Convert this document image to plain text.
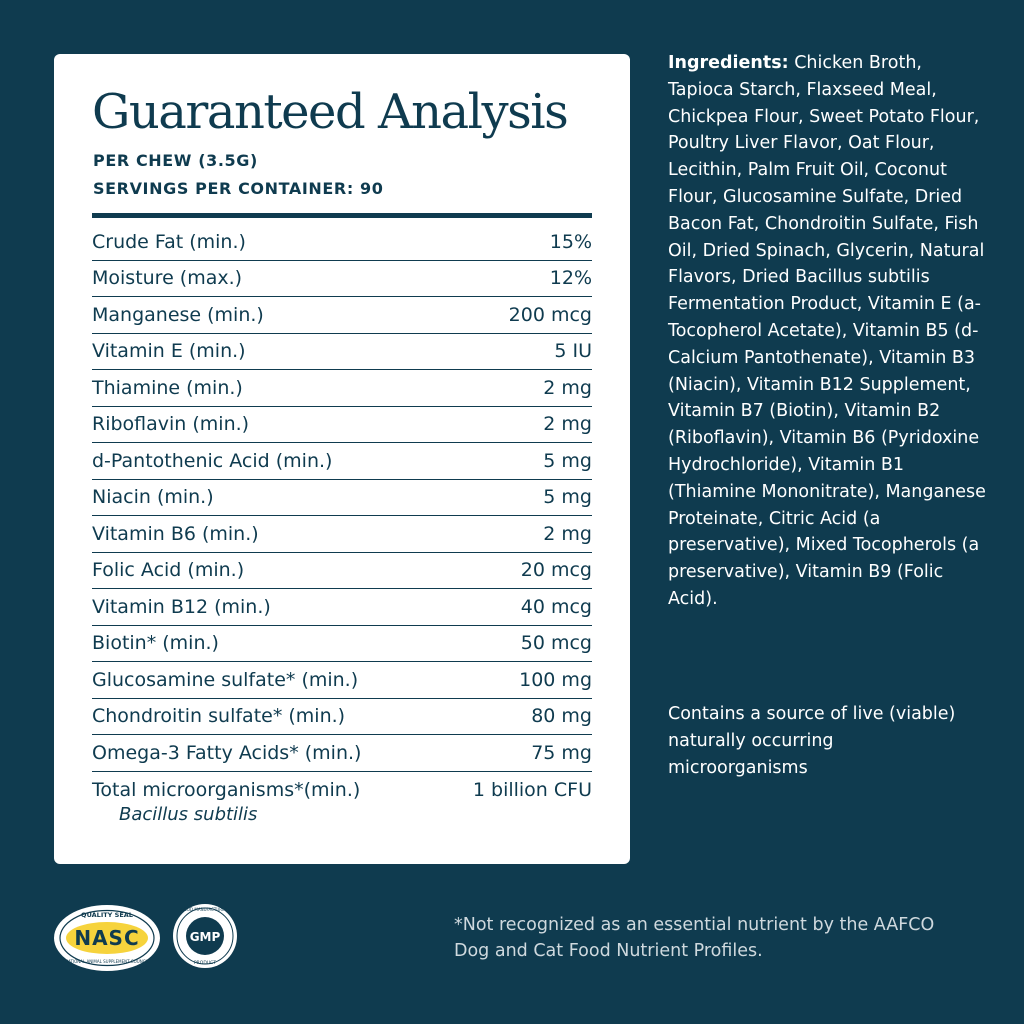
Guaranteed Analysis
PER CHEW (3.5G)
SERVINGS PER CONTAINER: 90
Crude Fat (min.)	15%
Moisture (max.)	12%
Manganese (min.)	200 mcg
Vitamin E (min.)	5 IU
Thiamine (min.)	2 mg
Riboflavin (min.)	2 mg
d-Pantothenic Acid (min.)	5 mg
Niacin (min.)	5 mg
Vitamin B6 (min.)	2 mg
Folic Acid (min.)	20 mcg
Vitamin B12 (min.)	40 mcg
Biotin* (min.)	50 mcg
Glucosamine sulfate* (min.)	100 mg
Chondroitin sulfate* (min.)	80 mg
Omega-3 Fatty Acids* (min.)	75 mg
Total microorganisms*(min.)	1 billion CFU
Bacillus subtilis
Ingredients: Chicken Broth, Tapioca Starch, Flaxseed Meal, Chickpea Flour, Sweet Potato Flour, Poultry Liver Flavor, Oat Flour, Lecithin, Palm Fruit Oil, Coconut Flour, Glucosamine Sulfate, Dried Bacon Fat, Chondroitin Sulfate, Fish Oil, Dried Spinach, Glycerin, Natural Flavors, Dried Bacillus subtilis Fermentation Product, Vitamin E (a-Tocopherol Acetate), Vitamin B5 (d-Calcium Pantothenate), Vitamin B3 (Niacin), Vitamin B12 Supplement, Vitamin B7 (Biotin), Vitamin B2 (Riboflavin), Vitamin B6 (Pyridoxine Hydrochloride), Vitamin B1 (Thiamine Mononitrate), Manganese Proteinate, Citric Acid (a preservative), Mixed Tocopherols (a preservative), Vitamin B9 (Folic Acid).
Contains a source of live (viable) naturally occurring microorganisms
*Not recognized as an essential nutrient by the AAFCO Dog and Cat Food Nutrient Profiles.
QUALITY SEAL
NASC
NATIONAL ANIMAL SUPPLEMENT COUNCIL
GMP
GOOD MANUFACTURING
PRODUCT
